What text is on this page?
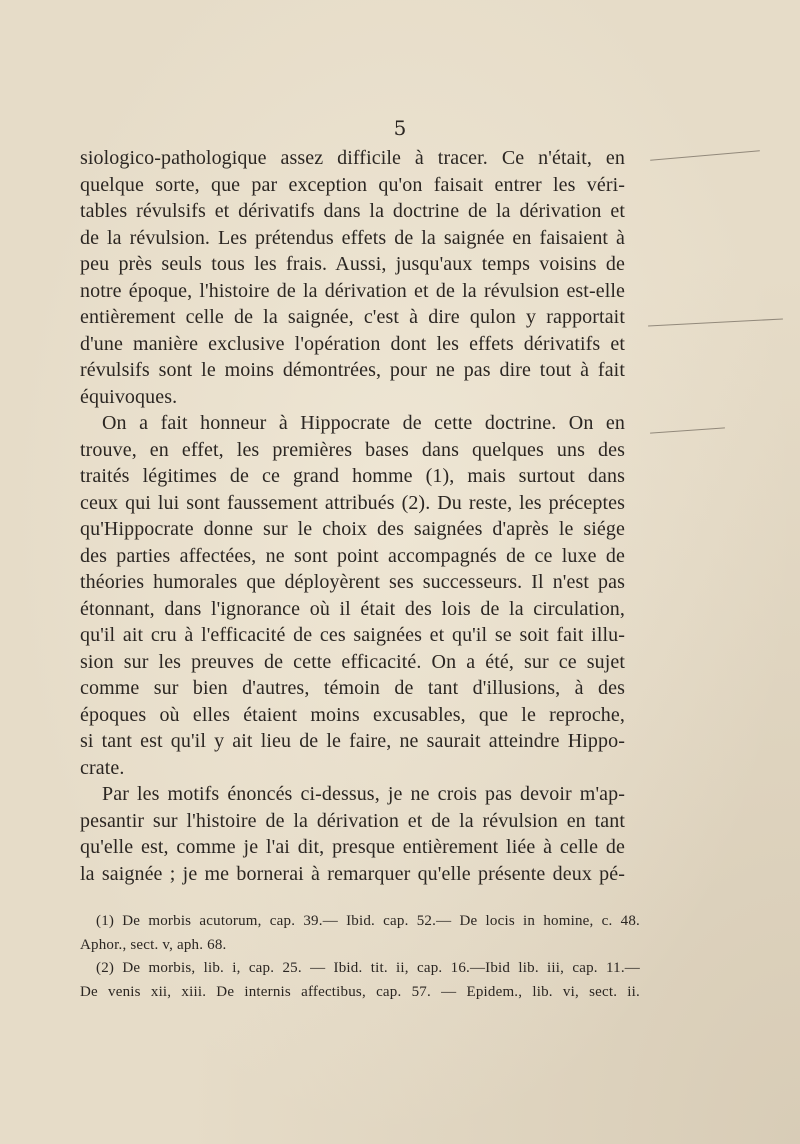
5

siologico-pathologique assez difficile à tracer. Ce n'était, en
quelque sorte, que par exception qu'on faisait entrer les véri-
tables révulsifs et dérivatifs dans la doctrine de la dérivation et
de la révulsion. Les prétendus effets de la saignée en faisaient à
peu près seuls tous les frais. Aussi, jusqu'aux temps voisins de
notre époque, l'histoire de la dérivation et de la révulsion est-elle
entièrement celle de la saignée, c'est à dire qulon y rapportait
d'une manière exclusive l'opération dont les effets dérivatifs et
révulsifs sont le moins démontrées, pour ne pas dire tout à fait
équivoques.

On a fait honneur à Hippocrate de cette doctrine. On en
trouve, en effet, les premières bases dans quelques uns des
traités légitimes de ce grand homme (1), mais surtout dans
ceux qui lui sont faussement attribués (2). Du reste, les préceptes
qu'Hippocrate donne sur le choix des saignées d'après le siége
des parties affectées, ne sont point accompagnés de ce luxe de
théories humorales que déployèrent ses successeurs. Il n'est pas
étonnant, dans l'ignorance où il était des lois de la circulation,
qu'il ait cru à l'efficacité de ces saignées et qu'il se soit fait illu-
sion sur les preuves de cette efficacité. On a été, sur ce sujet
comme sur bien d'autres, témoin de tant d'illusions, à des
époques où elles étaient moins excusables, que le reproche,
si tant est qu'il y ait lieu de le faire, ne saurait atteindre Hippo-
crate.

Par les motifs énoncés ci-dessus, je ne crois pas devoir m'ap-
pesantir sur l'histoire de la dérivation et de la révulsion en tant
qu'elle est, comme je l'ai dit, presque entièrement liée à celle de
la saignée ; je me bornerai à remarquer qu'elle présente deux pé-

(1) De morbis acutorum, cap. 39.— Ibid. cap. 52.— De locis in homine, c. 48.
Aphor., sect. v, aph. 68.
(2) De morbis, lib. i, cap. 25. — Ibid. tit. ii, cap. 16.—Ibid lib. iii, cap. 11.—
De venis xii, xiii. De internis affectibus, cap. 57. — Epidem., lib. vi, sect. ii.
